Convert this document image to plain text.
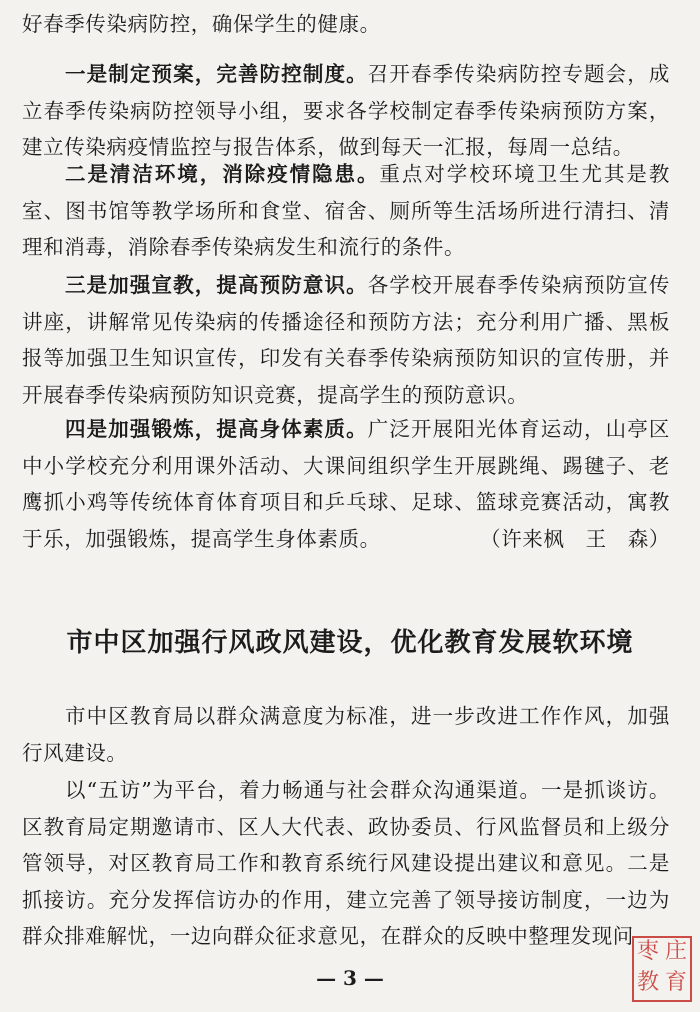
好春季传染病防控，确保学生的健康。

一是制定预案，完善防控制度。召开春季传染病防控专题会，成立春季传染病防控领导小组，要求各学校制定春季传染病预防方案，建立传染病疫情监控与报告体系，做到每天一汇报，每周一总结。

二是清洁环境，消除疫情隐患。重点对学校环境卫生尤其是教室、图书馆等教学场所和食堂、宿舍、厕所等生活场所进行清扫、清理和消毒，消除春季传染病发生和流行的条件。

三是加强宣教，提高预防意识。各学校开展春季传染病预防宣传讲座，讲解常见传染病的传播途径和预防方法；充分利用广播、黑板报等加强卫生知识宣传，印发有关春季传染病预防知识的宣传册，并开展春季传染病预防知识竞赛，提高学生的预防意识。

四是加强锻炼，提高身体素质。广泛开展阳光体育运动，山亭区中小学校充分利用课外活动、大课间组织学生开展跳绳、踢毽子、老鹰抓小鸡等传统体育体育项目和乒乓球、足球、篮球竞赛活动，寓教于乐，加强锻炼，提高学生身体素质。	（许来枫　王　森）

市中区加强行风政风建设，优化教育发展软环境

市中区教育局以群众满意度为标准，进一步改进工作作风，加强行风建设。

以“五访”为平台，着力畅通与社会群众沟通渠道。一是抓谈访。区教育局定期邀请市、区人大代表、政协委员、行风监督员和上级分管领导，对区教育局工作和教育系统行风建设提出建议和意见。二是抓接访。充分发挥信访办的作用，建立完善了领导接访制度，一边为群众排难解忧，一边向群众征求意见，在群众的反映中整理发现问

— 3 —
枣 庄
教 育
